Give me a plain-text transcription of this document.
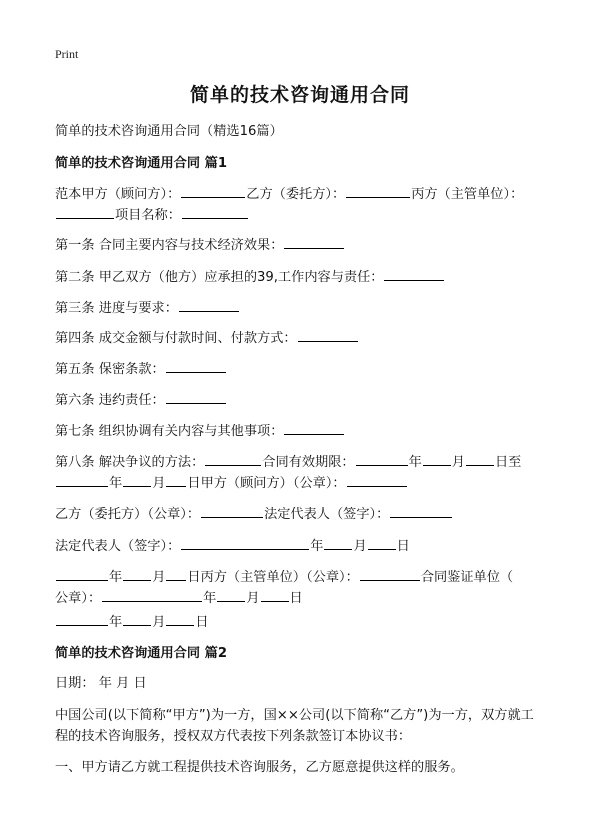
Print
简单的技术咨询通用合同
简单的技术咨询通用合同（精选16篇）
简单的技术咨询通用合同 篇1
范本甲方（顾问方）：	乙方（委托方）：	丙方（主管单位）：
项目名称：
第一条 合同主要内容与技术经济效果：
第二条 甲乙双方（他方）应承担的39,工作内容与责任：
第三条 进度与要求：
第四条 成交金额与付款时间、付款方式：
第五条 保密条款：
第六条 违约责任：
第七条 组织协调有关内容与其他事项：
第八条 解决争议的方法：	合同有效期限：	年 月 日至
年 月 日甲方（顾问方）（公章）：
乙方（委托方）（公章）：	法定代表人（签字）：
法定代表人（签字）：	年 月 日
年 月 日丙方（主管单位）（公章）：	合同鉴证单位（
公章）：	年 月 日
年 月 日
简单的技术咨询通用合同 篇2
日期： 年 月 日
中国公司(以下简称“甲方”)为一方，国××公司(以下简称“乙方”)为一方，双方就工
程的技术咨询服务，授权双方代表按下列条款签订本协议书：
一、甲方请乙方就工程提供技术咨询服务，乙方愿意提供这样的服务。
